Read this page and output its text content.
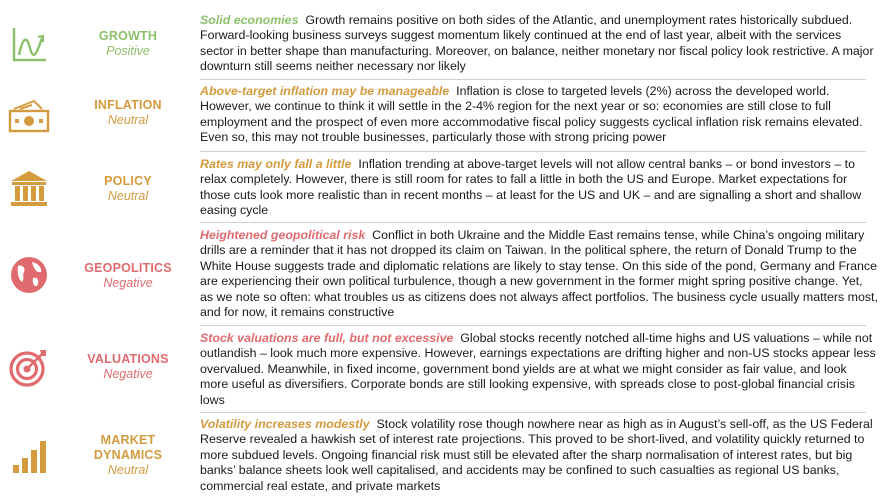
GROWTH
Positive
Solid economies Growth remains positive on both sides of the Atlantic, and unemployment rates historically subdued. Forward-looking business surveys suggest momentum likely continued at the end of last year, albeit with the services sector in better shape than manufacturing. Moreover, on balance, neither monetary nor fiscal policy look restrictive. A major downturn still seems neither necessary nor likely
INFLATION
Neutral
Above-target inflation may be manageable Inflation is close to targeted levels (2%) across the developed world. However, we continue to think it will settle in the 2-4% region for the next year or so: economies are still close to full employment and the prospect of even more accommodative fiscal policy suggests cyclical inflation risk remains elevated. Even so, this may not trouble businesses, particularly those with strong pricing power
POLICY
Neutral
Rates may only fall a little Inflation trending at above-target levels will not allow central banks – or bond investors – to relax completely. However, there is still room for rates to fall a little in both the US and Europe. Market expectations for those cuts look more realistic than in recent months – at least for the US and UK – and are signalling a short and shallow easing cycle
GEOPOLITICS
Negative
Heightened geopolitical risk Conflict in both Ukraine and the Middle East remains tense, while China’s ongoing military drills are a reminder that it has not dropped its claim on Taiwan. In the political sphere, the return of Donald Trump to the White House suggests trade and diplomatic relations are likely to stay tense. On this side of the pond, Germany and France are experiencing their own political turbulence, though a new government in the former might spring positive change. Yet, as we note so often: what troubles us as citizens does not always affect portfolios. The business cycle usually matters most, and for now, it remains constructive
VALUATIONS
Negative
Stock valuations are full, but not excessive Global stocks recently notched all-time highs and US valuations – while not outlandish – look much more expensive. However, earnings expectations are drifting higher and non-US stocks appear less overvalued. Meanwhile, in fixed income, government bond yields are at what we might consider as fair value, and look more useful as diversifiers. Corporate bonds are still looking expensive, with spreads close to post-global financial crisis lows
MARKET
DYNAMICS
Neutral
Volatility increases modestly Stock volatility rose though nowhere near as high as in August’s sell-off, as the US Federal Reserve revealed a hawkish set of interest rate projections. This proved to be short-lived, and volatility quickly returned to more subdued levels. Ongoing financial risk must still be elevated after the sharp normalisation of interest rates, but big banks’ balance sheets look well capitalised, and accidents may be confined to such casualties as regional US banks, commercial real estate, and private markets
